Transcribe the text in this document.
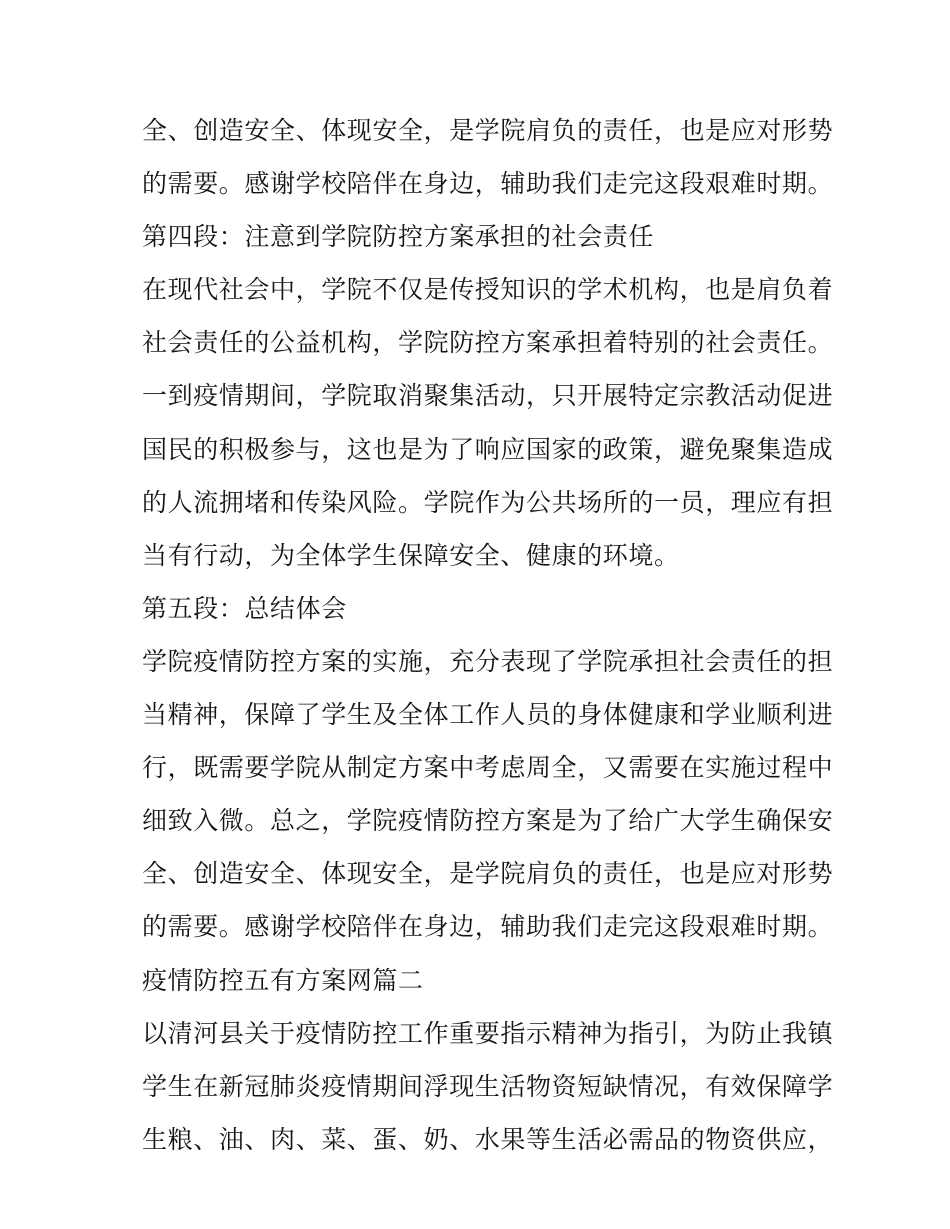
全、创造安全、体现安全，是学院肩负的责任，也是应对形势
的需要。感谢学校陪伴在身边，辅助我们走完这段艰难时期。
第四段：注意到学院防控方案承担的社会责任
在现代社会中，学院不仅是传授知识的学术机构，也是肩负着
社会责任的公益机构，学院防控方案承担着特别的社会责任。
一到疫情期间，学院取消聚集活动，只开展特定宗教活动促进
国民的积极参与，这也是为了响应国家的政策，避免聚集造成
的人流拥堵和传染风险。学院作为公共场所的一员，理应有担
当有行动，为全体学生保障安全、健康的环境。
第五段：总结体会
学院疫情防控方案的实施，充分表现了学院承担社会责任的担
当精神，保障了学生及全体工作人员的身体健康和学业顺利进
行，既需要学院从制定方案中考虑周全，又需要在实施过程中
细致入微。总之，学院疫情防控方案是为了给广大学生确保安
全、创造安全、体现安全，是学院肩负的责任，也是应对形势
的需要。感谢学校陪伴在身边，辅助我们走完这段艰难时期。
疫情防控五有方案网篇二
以清河县关于疫情防控工作重要指示精神为指引，为防止我镇
学生在新冠肺炎疫情期间浮现生活物资短缺情况，有效保障学
生粮、油、肉、菜、蛋、奶、水果等生活必需品的物资供应，
